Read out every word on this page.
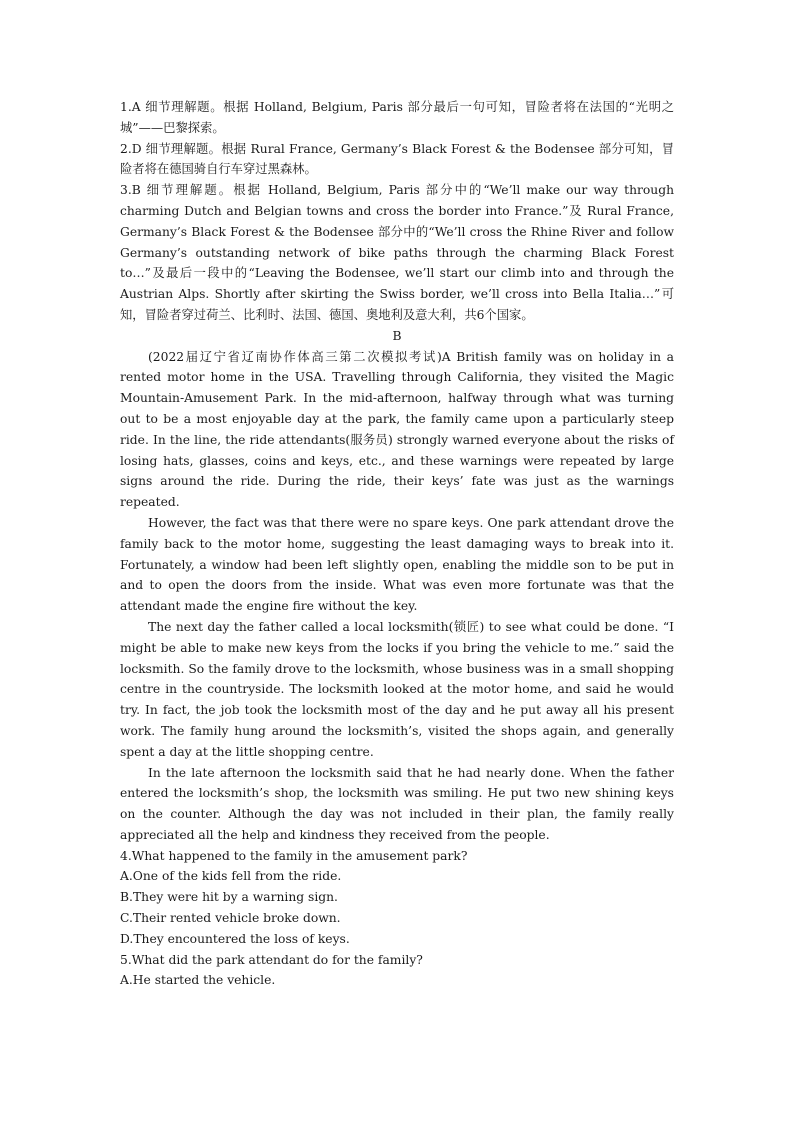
1.A 细节理解题。根据 Holland, Belgium, Paris 部分最后一句可知，冒险者将在法国的“光明之城”——巴黎探索。

2.D 细节理解题。根据 Rural France, Germany’s Black Forest & the Bodensee 部分可知，冒险者将在德国骑自行车穿过黑森林。

3.B 细节理解题。根据 Holland, Belgium, Paris 部分中的“We’ll make our way through charming Dutch and Belgian towns and cross the border into France.”及 Rural France, Germany’s Black Forest & the Bodensee 部分中的“We’ll cross the Rhine River and follow Germany’s outstanding network of bike paths through the charming Black Forest to…”及最后一段中的“Leaving the Bodensee, we’ll start our climb into and through the Austrian Alps. Shortly after skirting the Swiss border, we’ll cross into Bella Italia…”可知，冒险者穿过荷兰、比利时、法国、德国、奥地利及意大利，共6个国家。

B

(2022届辽宁省辽南协作体高三第二次模拟考试)A British family was on holiday in a rented motor home in the USA. Travelling through California, they visited the Magic Mountain-Amusement Park. In the mid-afternoon, halfway through what was turning out to be a most enjoyable day at the park, the family came upon a particularly steep ride. In the line, the ride attendants(服务员) strongly warned everyone about the risks of losing hats, glasses, coins and keys, etc., and these warnings were repeated by large signs around the ride. During the ride, their keys’ fate was just as the warnings repeated.

However, the fact was that there were no spare keys. One park attendant drove the family back to the motor home, suggesting the least damaging ways to break into it. Fortunately, a window had been left slightly open, enabling the middle son to be put in and to open the doors from the inside. What was even more fortunate was that the attendant made the engine fire without the key.

The next day the father called a local locksmith(锁匠) to see what could be done. “I might be able to make new keys from the locks if you bring the vehicle to me.” said the locksmith. So the family drove to the locksmith, whose business was in a small shopping centre in the countryside. The locksmith looked at the motor home, and said he would try. In fact, the job took the locksmith most of the day and he put away all his present work. The family hung around the locksmith’s, visited the shops again, and generally spent a day at the little shopping centre.

In the late afternoon the locksmith said that he had nearly done. When the father entered the locksmith’s shop, the locksmith was smiling. He put two new shining keys on the counter. Although the day was not included in their plan, the family really appreciated all the help and kindness they received from the people.

4.What happened to the family in the amusement park?

A.One of the kids fell from the ride.

B.They were hit by a warning sign.

C.Their rented vehicle broke down.

D.They encountered the loss of keys.

5.What did the park attendant do for the family?

A.He started the vehicle.
